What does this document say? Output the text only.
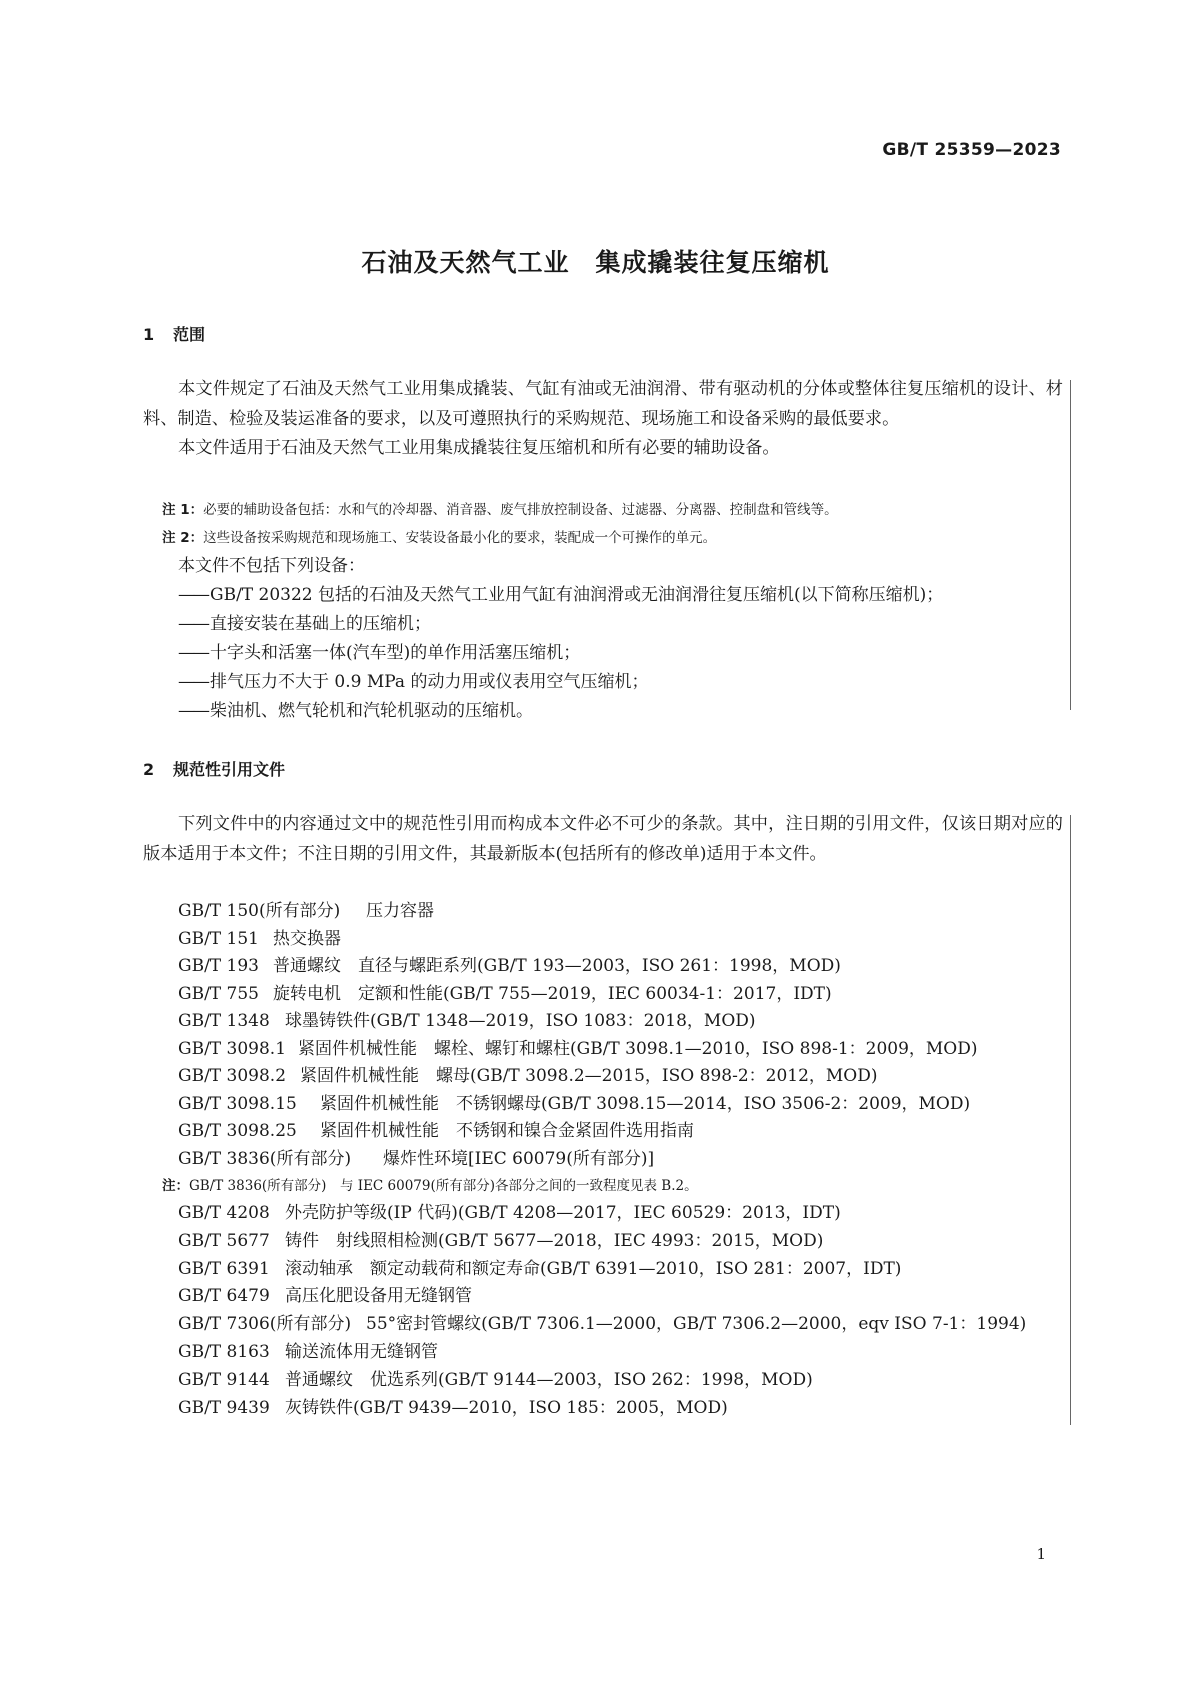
GB/T 25359—2023
石油及天然气工业　集成撬装往复压缩机
1 范围

本文件规定了石油及天然气工业用集成撬装、气缸有油或无油润滑、带有驱动机的分体或整体往复压缩机的设计、材料、制造、检验及装运准备的要求，以及可遵照执行的采购规范、现场施工和设备采购的最低要求。

本文件适用于石油及天然气工业用集成撬装往复压缩机和所有必要的辅助设备。

注 1：必要的辅助设备包括：水和气的冷却器、消音器、废气排放控制设备、过滤器、分离器、控制盘和管线等。
注 2：这些设备按采购规范和现场施工、安装设备最小化的要求，装配成一个可操作的单元。
本文件不包括下列设备：
—— GB/T 20322 包括的石油及天然气工业用气缸有油润滑或无油润滑往复压缩机(以下简称压缩机)；
—— 直接安装在基础上的压缩机；
—— 十字头和活塞一体(汽车型)的单作用活塞压缩机；
—— 排气压力不大于 0.9 MPa 的动力用或仪表用空气压缩机；
—— 柴油机、燃气轮机和汽轮机驱动的压缩机。
2 规范性引用文件

下列文件中的内容通过文中的规范性引用而构成本文件必不可少的条款。其中，注日期的引用文件，仅该日期对应的版本适用于本文件；不注日期的引用文件，其最新版本(包括所有的修改单)适用于本文件。

GB/T 150(所有部分) 压力容器
GB/T 151 热交换器
GB/T 193 普通螺纹　直径与螺距系列(GB/T 193—2003，ISO 261：1998，MOD)
GB/T 755 旋转电机　定额和性能(GB/T 755—2019，IEC 60034-1：2017，IDT)
GB/T 1348 球墨铸铁件(GB/T 1348—2019，ISO 1083：2018，MOD)
GB/T 3098.1 紧固件机械性能　螺栓、螺钉和螺柱(GB/T 3098.1—2010，ISO 898-1：2009，MOD)
GB/T 3098.2 紧固件机械性能　螺母(GB/T 3098.2—2015，ISO 898-2：2012，MOD)
GB/T 3098.15 紧固件机械性能　不锈钢螺母(GB/T 3098.15—2014，ISO 3506-2：2009，MOD)
GB/T 3098.25 紧固件机械性能　不锈钢和镍合金紧固件选用指南
GB/T 3836(所有部分) 爆炸性环境[IEC 60079(所有部分)]
注：GB/T 3836(所有部分)　与 IEC 60079(所有部分)各部分之间的一致程度见表 B.2。
GB/T 4208 外壳防护等级(IP 代码)(GB/T 4208—2017，IEC 60529：2013，IDT)
GB/T 5677 铸件　射线照相检测(GB/T 5677—2018，IEC 4993：2015，MOD)
GB/T 6391 滚动轴承　额定动载荷和额定寿命(GB/T 6391—2010，ISO 281：2007，IDT)
GB/T 6479 高压化肥设备用无缝钢管
GB/T 7306(所有部分) 55°密封管螺纹(GB/T 7306.1—2000，GB/T 7306.2—2000，eqv ISO 7-1：1994)
GB/T 8163 输送流体用无缝钢管
GB/T 9144 普通螺纹　优选系列(GB/T 9144—2003，ISO 262：1998，MOD)
GB/T 9439 灰铸铁件(GB/T 9439—2010，ISO 185：2005，MOD)
1
